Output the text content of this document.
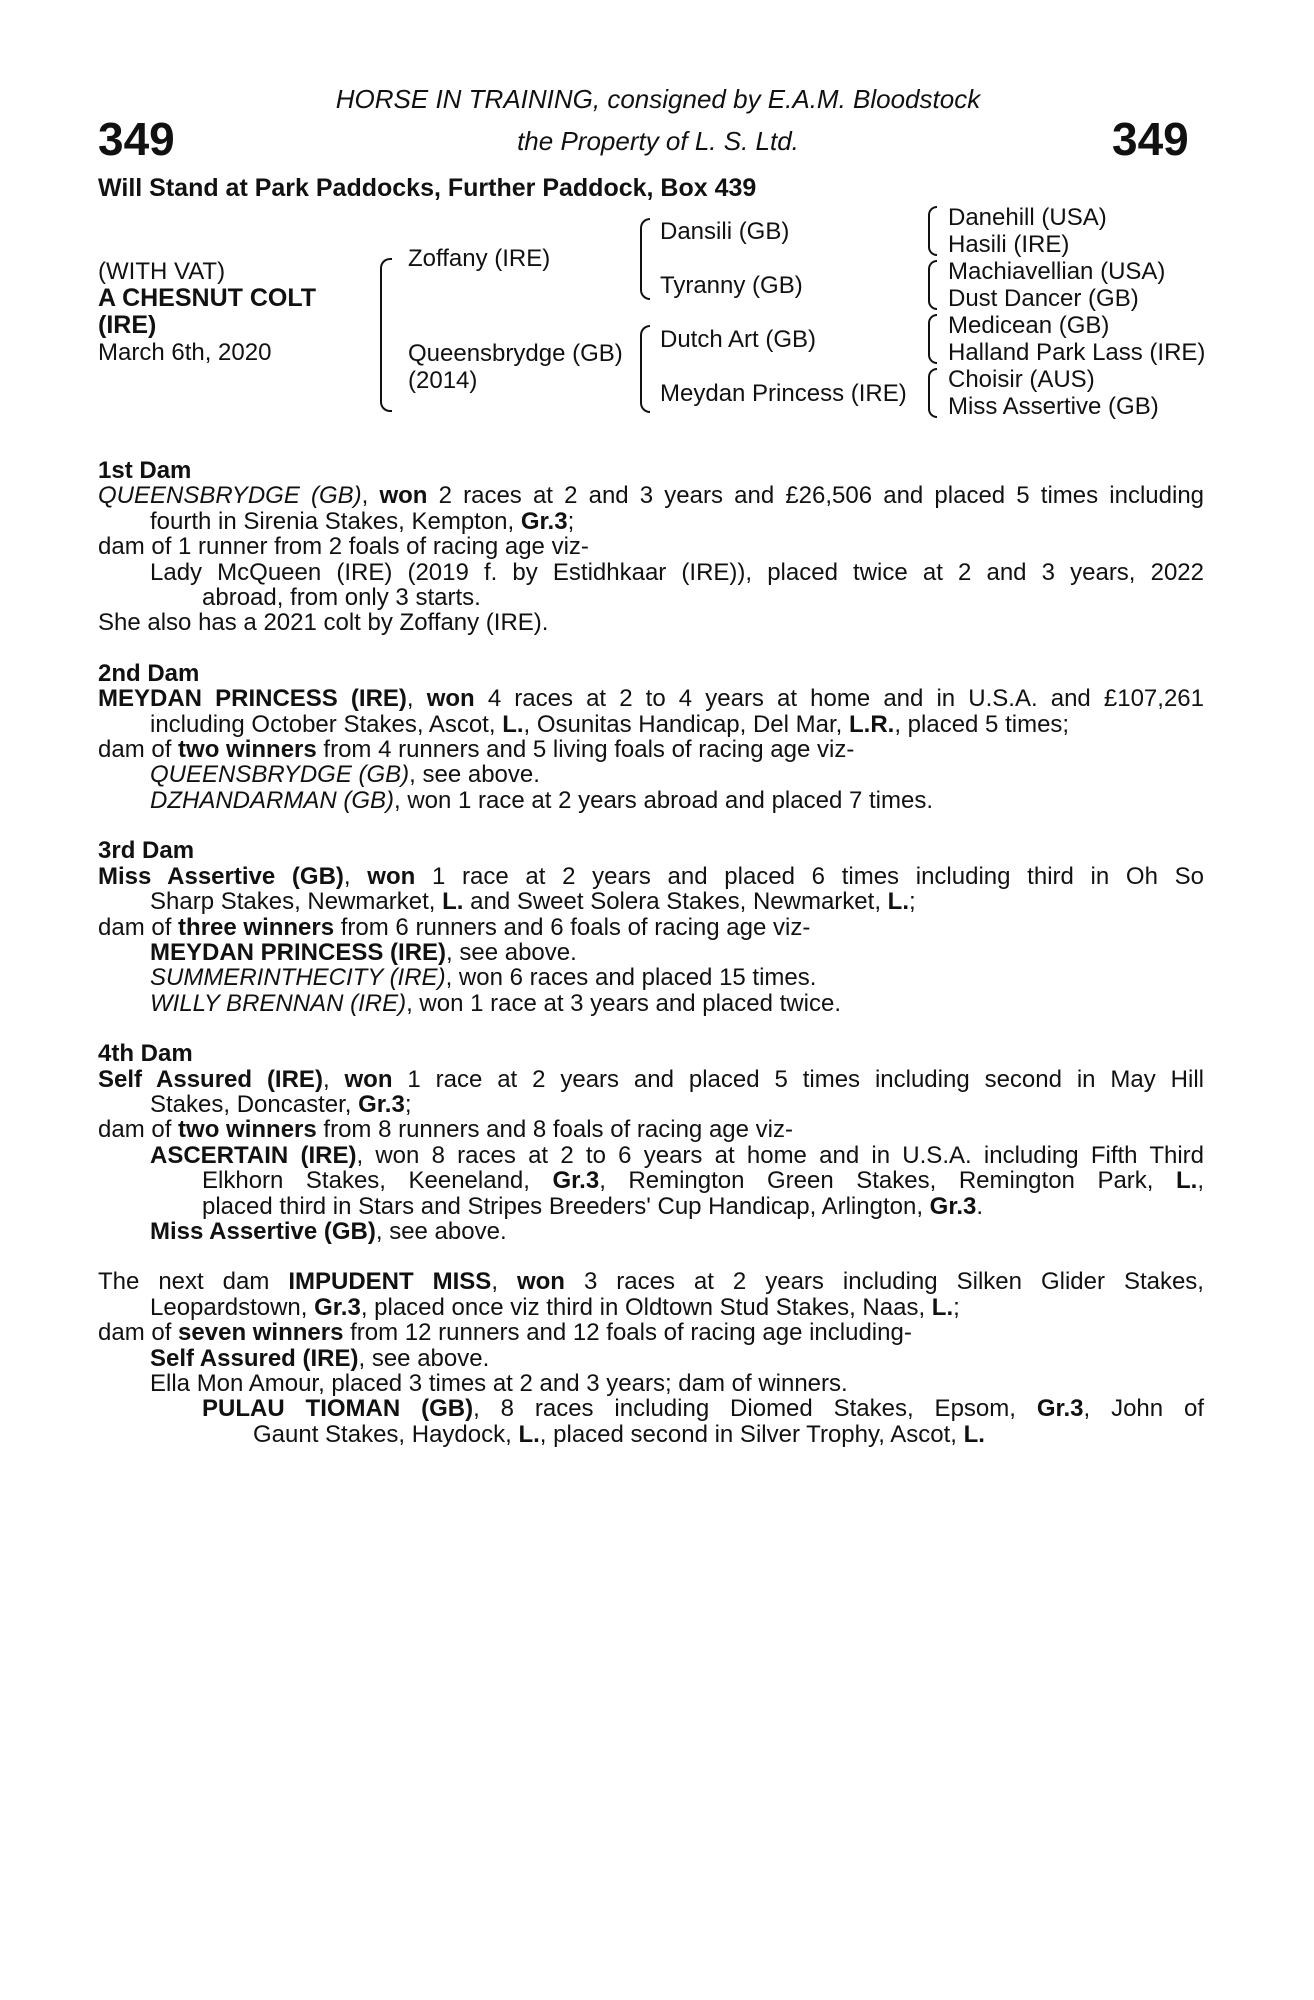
349	349
HORSE IN TRAINING, consigned by E.A.M. Bloodstock
the Property of L. S. Ltd.
Will Stand at Park Paddocks, Further Paddock, Box 439
(WITH VAT)
A CHESNUT COLT
(IRE)
March 6th, 2020
Zoffany (IRE)
Queensbrydge (GB)
(2014)
Dansili (GB)
Tyranny (GB)
Dutch Art (GB)
Meydan Princess (IRE)
Danehill (USA)
Hasili (IRE)
Machiavellian (USA)
Dust Dancer (GB)
Medicean (GB)
Halland Park Lass (IRE)
Choisir (AUS)
Miss Assertive (GB)
1st Dam
QUEENSBRYDGE (GB), won 2 races at 2 and 3 years and £26,506 and placed 5 times including
fourth in Sirenia Stakes, Kempton, Gr.3;
dam of 1 runner from 2 foals of racing age viz-
Lady McQueen (IRE) (2019 f. by Estidhkaar (IRE)), placed twice at 2 and 3 years, 2022
abroad, from only 3 starts.
She also has a 2021 colt by Zoffany (IRE).
2nd Dam
MEYDAN PRINCESS (IRE), won 4 races at 2 to 4 years at home and in U.S.A. and £107,261
including October Stakes, Ascot, L., Osunitas Handicap, Del Mar, L.R., placed 5 times;
dam of two winners from 4 runners and 5 living foals of racing age viz-
QUEENSBRYDGE (GB), see above.
DZHANDARMAN (GB), won 1 race at 2 years abroad and placed 7 times.
3rd Dam
Miss Assertive (GB), won 1 race at 2 years and placed 6 times including third in Oh So
Sharp Stakes, Newmarket, L. and Sweet Solera Stakes, Newmarket, L.;
dam of three winners from 6 runners and 6 foals of racing age viz-
MEYDAN PRINCESS (IRE), see above.
SUMMERINTHECITY (IRE), won 6 races and placed 15 times.
WILLY BRENNAN (IRE), won 1 race at 3 years and placed twice.
4th Dam
Self Assured (IRE), won 1 race at 2 years and placed 5 times including second in May Hill
Stakes, Doncaster, Gr.3;
dam of two winners from 8 runners and 8 foals of racing age viz-
ASCERTAIN (IRE), won 8 races at 2 to 6 years at home and in U.S.A. including Fifth Third
Elkhorn Stakes, Keeneland, Gr.3, Remington Green Stakes, Remington Park, L.,
placed third in Stars and Stripes Breeders' Cup Handicap, Arlington, Gr.3.
Miss Assertive (GB), see above.
The next dam IMPUDENT MISS, won 3 races at 2 years including Silken Glider Stakes,
Leopardstown, Gr.3, placed once viz third in Oldtown Stud Stakes, Naas, L.;
dam of seven winners from 12 runners and 12 foals of racing age including-
Self Assured (IRE), see above.
Ella Mon Amour, placed 3 times at 2 and 3 years; dam of winners.
PULAU TIOMAN (GB), 8 races including Diomed Stakes, Epsom, Gr.3, John of
Gaunt Stakes, Haydock, L., placed second in Silver Trophy, Ascot, L.
